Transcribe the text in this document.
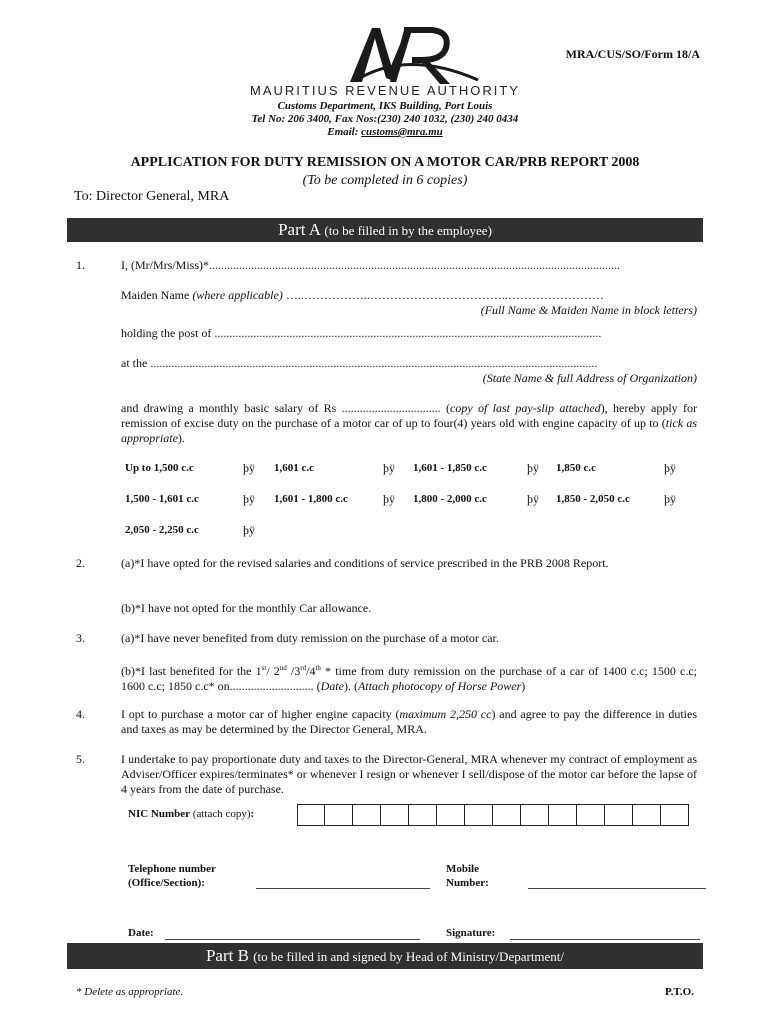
MRA/CUS/SO/Form 18/A
MAURITIUS REVENUE AUTHORITY
Customs Department, IKS Building, Port Louis
Tel No: 206 3400, Fax Nos:(230) 240 1032, (230) 240 0434
Email: customs@mra.mu
APPLICATION FOR DUTY REMISSION ON A MOTOR CAR/PRB REPORT 2008
(To be completed in 6 copies)
To: Director General, MRA
Part A (to be filled in by the employee)
1.	I, (Mr/Mrs/Miss)*.........................................................................................................................................
Maiden Name (where applicable) …..……………..……………………………..……………………
(Full Name & Maiden Name in block letters)
holding the post of .................................................................................................................................
at the .....................................................................................................................................................
(State Name & full Address of Organization)
and drawing a monthly basic salary of Rs ................................. (copy of last pay-slip attached), hereby apply for remission of excise duty on the purchase of a motor car of up to four(4) years old with engine capacity of up to (tick as appropriate).
Up to 1,500 c.c	þÿ 1,601 c.c	þÿ 1,601 - 1,850 c.c	þÿ 1,850 c.c	þÿ
1,500 - 1,601 c.c	þÿ 1,601 - 1,800 c.c	þÿ 1,800 - 2,000 c.c	þÿ 1,850 - 2,050 c.c	þÿ
2,050 - 2,250 c.c	þÿ
2.	(a)*I have opted for the revised salaries and conditions of service prescribed in the PRB 2008 Report.
(b)*I have not opted for the monthly Car allowance.
3.	(a)*I have never benefited from duty remission on the purchase of a motor car.
(b)*I last benefited for the 1st/ 2nd /3rd/4th * time from duty remission on the purchase of a car of 1400 c.c; 1500 c.c; 1600 c.c; 1850 c.c* on............................ (Date). (Attach photocopy of Horse Power)
4.	I opt to purchase a motor car of higher engine capacity (maximum 2,250 cc) and agree to pay the difference in duties and taxes as may be determined by the Director General, MRA.
5.	I undertake to pay proportionate duty and taxes to the Director-General, MRA whenever my contract of employment as Adviser/Officer expires/terminates* or whenever I resign or whenever I sell/dispose of the motor car before the lapse of 4 years from the date of purchase.
NIC Number (attach copy):
Telephone number
(Office/Section):
Mobile
Number:
Date:	Signature:
Part B (to be filled in and signed by Head of Ministry/Department/
* Delete as appropriate.	P.T.O.
